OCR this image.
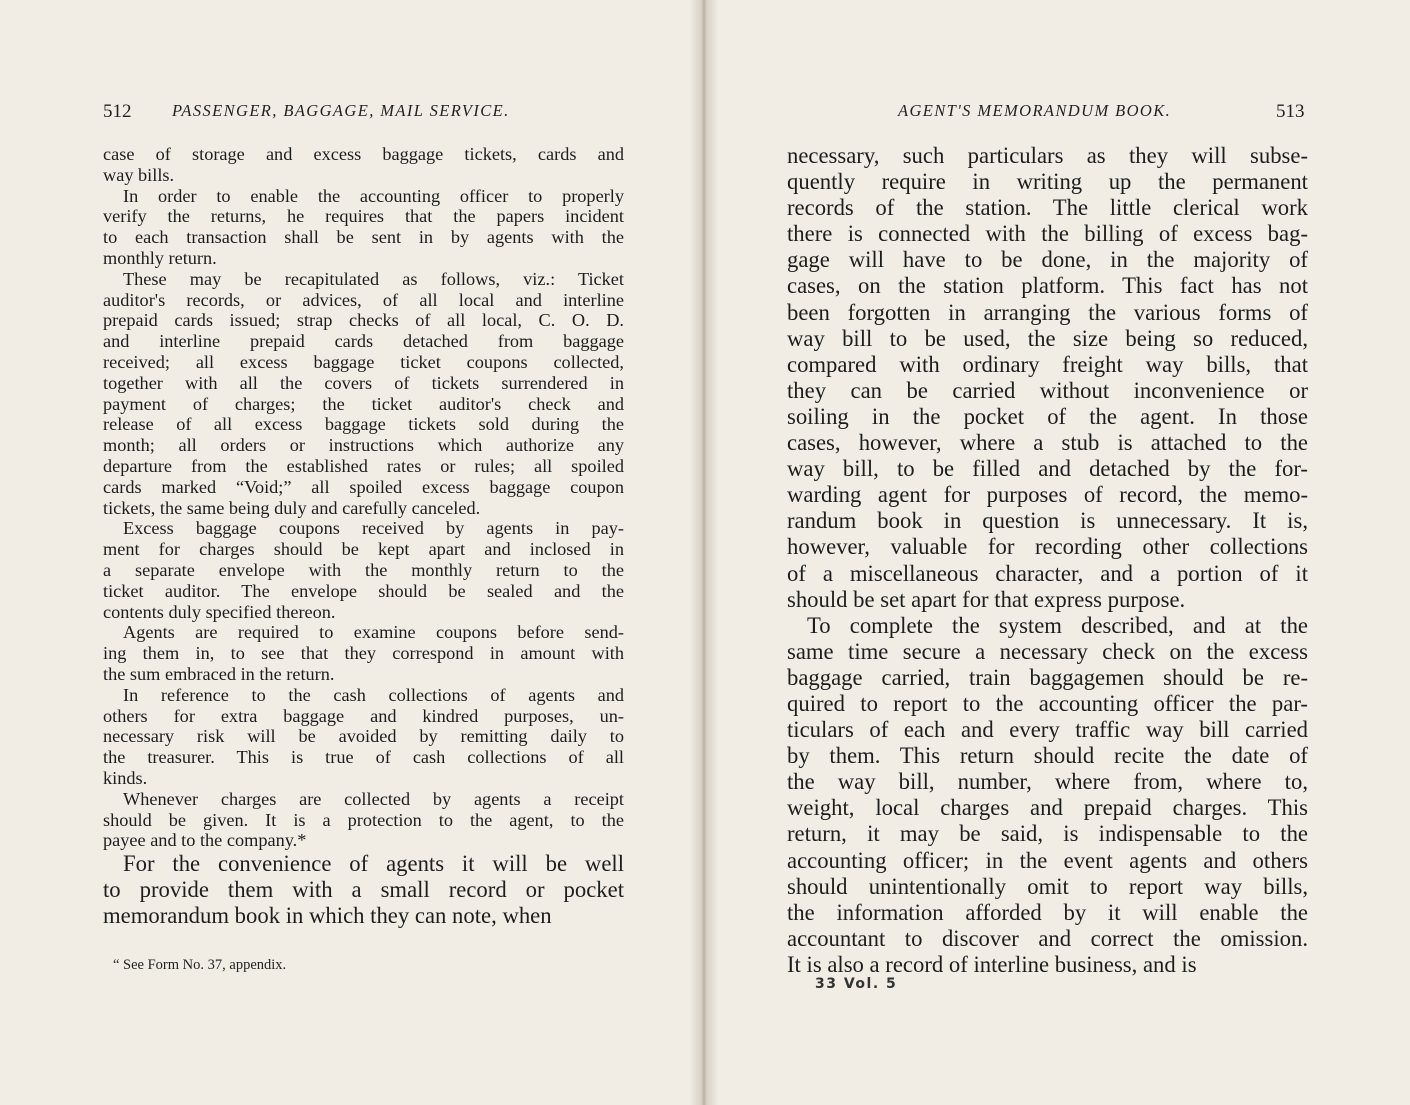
512 PASSENGER, BAGGAGE, MAIL SERVICE.	AGENT'S MEMORANDUM BOOK.	513
case of storage and excess baggage tickets, cards and
way bills.
In order to enable the accounting officer to properly
verify the returns, he requires that the papers incident
to each transaction shall be sent in by agents with the
monthly return.
These may be recapitulated as follows, viz.: Ticket
auditor's records, or advices, of all local and interline
prepaid cards issued; strap checks of all local, C. O. D.
and interline prepaid cards detached from baggage
received; all excess baggage ticket coupons collected,
together with all the covers of tickets surrendered in
payment of charges; the ticket auditor's check and
release of all excess baggage tickets sold during the
month; all orders or instructions which authorize any
departure from the established rates or rules; all spoiled
cards marked “Void;” all spoiled excess baggage coupon
tickets, the same being duly and carefully canceled.
Excess baggage coupons received by agents in pay-
ment for charges should be kept apart and inclosed in
a separate envelope with the monthly return to the
ticket auditor. The envelope should be sealed and the
contents duly specified thereon.
Agents are required to examine coupons before send-
ing them in, to see that they correspond in amount with
the sum embraced in the return.
In reference to the cash collections of agents and
others for extra baggage and kindred purposes, un-
necessary risk will be avoided by remitting daily to
the treasurer. This is true of cash collections of all
kinds.
Whenever charges are collected by agents a receipt
should be given. It is a protection to the agent, to the
payee and to the company.*
For the convenience of agents it will be well
to provide them with a small record or pocket
memorandum book in which they can note, when
“ See Form No. 37, appendix.
necessary, such particulars as they will subse-
quently require in writing up the permanent
records of the station. The little clerical work
there is connected with the billing of excess bag-
gage will have to be done, in the majority of
cases, on the station platform. This fact has not
been forgotten in arranging the various forms of
way bill to be used, the size being so reduced,
compared with ordinary freight way bills, that
they can be carried without inconvenience or
soiling in the pocket of the agent. In those
cases, however, where a stub is attached to the
way bill, to be filled and detached by the for-
warding agent for purposes of record, the memo-
randum book in question is unnecessary. It is,
however, valuable for recording other collections
of a miscellaneous character, and a portion of it
should be set apart for that express purpose.
To complete the system described, and at the
same time secure a necessary check on the excess
baggage carried, train baggagemen should be re-
quired to report to the accounting officer the par-
ticulars of each and every traffic way bill carried
by them. This return should recite the date of
the way bill, number, where from, where to,
weight, local charges and prepaid charges. This
return, it may be said, is indispensable to the
accounting officer; in the event agents and others
should unintentionally omit to report way bills,
the information afforded by it will enable the
accountant to discover and correct the omission.
It is also a record of interline business, and is
33 Vol. 5
